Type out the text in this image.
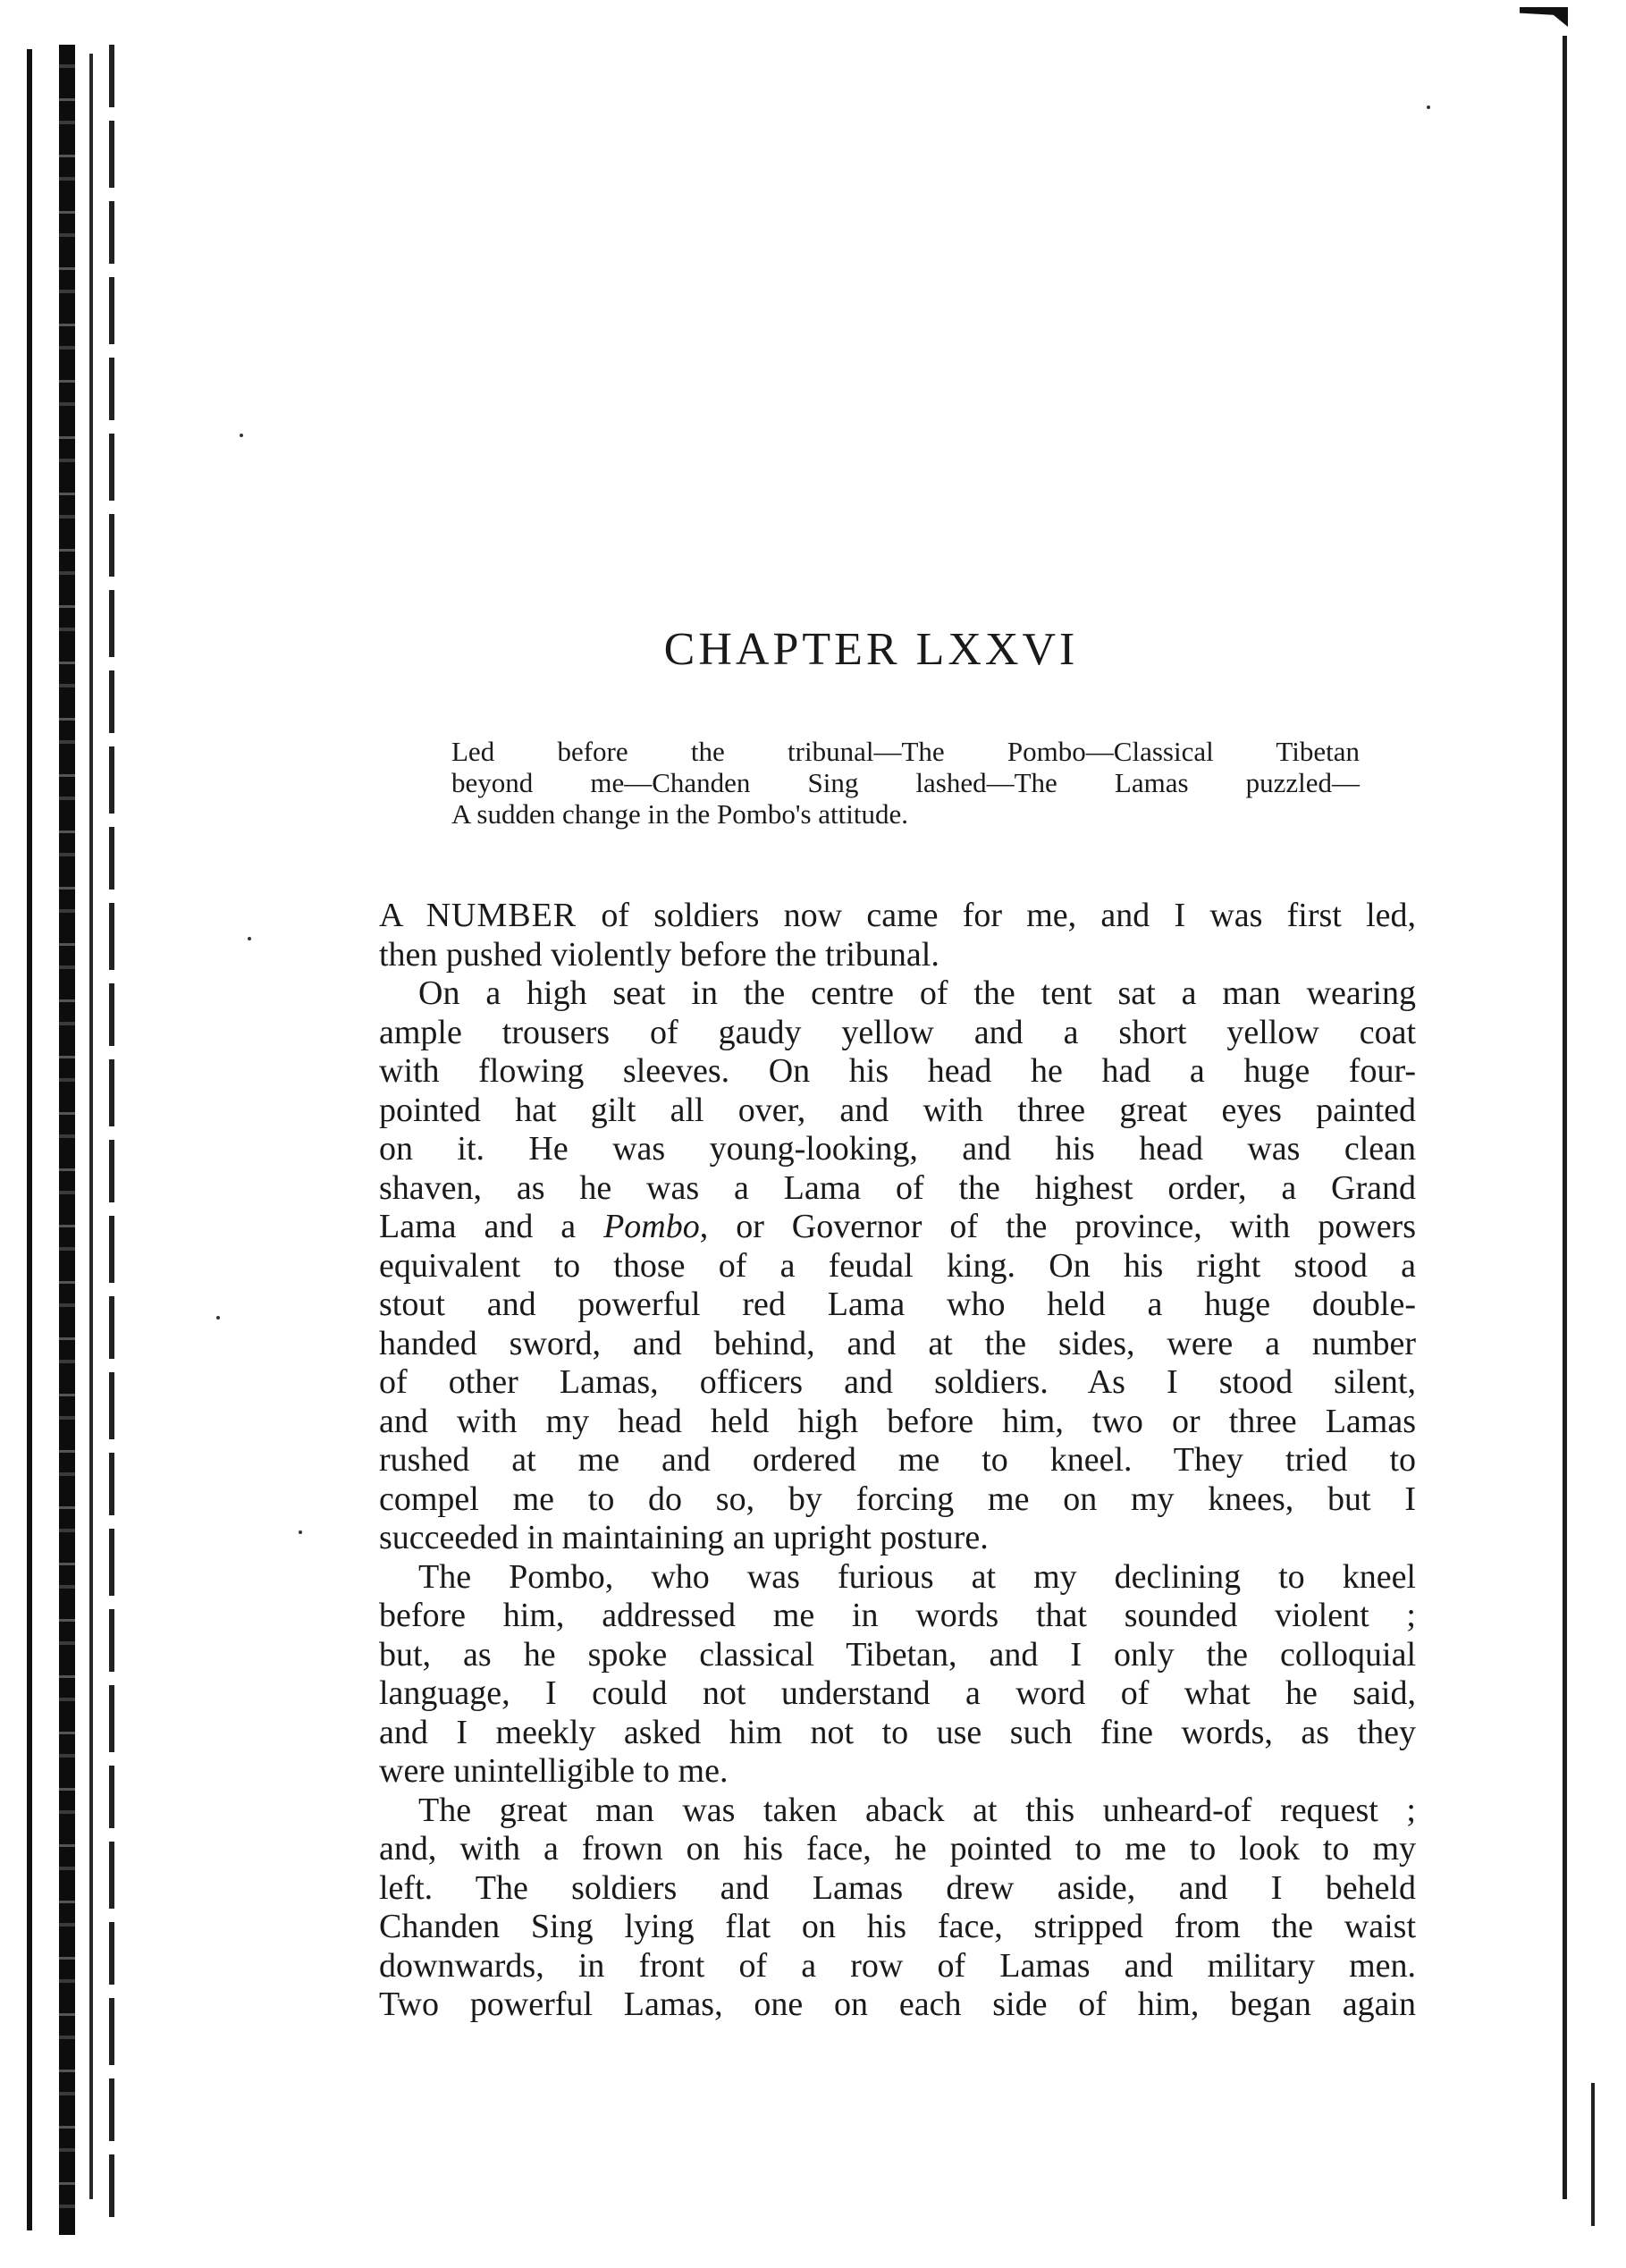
CHAPTER LXXVI
Led before the tribunal—The Pombo—Classical Tibetan
beyond me—Chanden Sing lashed—The Lamas puzzled—
A sudden change in the Pombo's attitude.
A NUMBER of soldiers now came for me, and I was first led,
then pushed violently before the tribunal.
On a high seat in the centre of the tent sat a man wearing
ample trousers of gaudy yellow and a short yellow coat
with flowing sleeves. On his head he had a huge four-
pointed hat gilt all over, and with three great eyes painted
on it. He was young-looking, and his head was clean
shaven, as he was a Lama of the highest order, a Grand
Lama and a Pombo, or Governor of the province, with powers
equivalent to those of a feudal king. On his right stood a
stout and powerful red Lama who held a huge double-
handed sword, and behind, and at the sides, were a number
of other Lamas, officers and soldiers. As I stood silent,
and with my head held high before him, two or three Lamas
rushed at me and ordered me to kneel. They tried to
compel me to do so, by forcing me on my knees, but I
succeeded in maintaining an upright posture.
The Pombo, who was furious at my declining to kneel
before him, addressed me in words that sounded violent ;
but, as he spoke classical Tibetan, and I only the colloquial
language, I could not understand a word of what he said,
and I meekly asked him not to use such fine words, as they
were unintelligible to me.
The great man was taken aback at this unheard-of request ;
and, with a frown on his face, he pointed to me to look to my
left. The soldiers and Lamas drew aside, and I beheld
Chanden Sing lying flat on his face, stripped from the waist
downwards, in front of a row of Lamas and military men.
Two powerful Lamas, one on each side of him, began again
